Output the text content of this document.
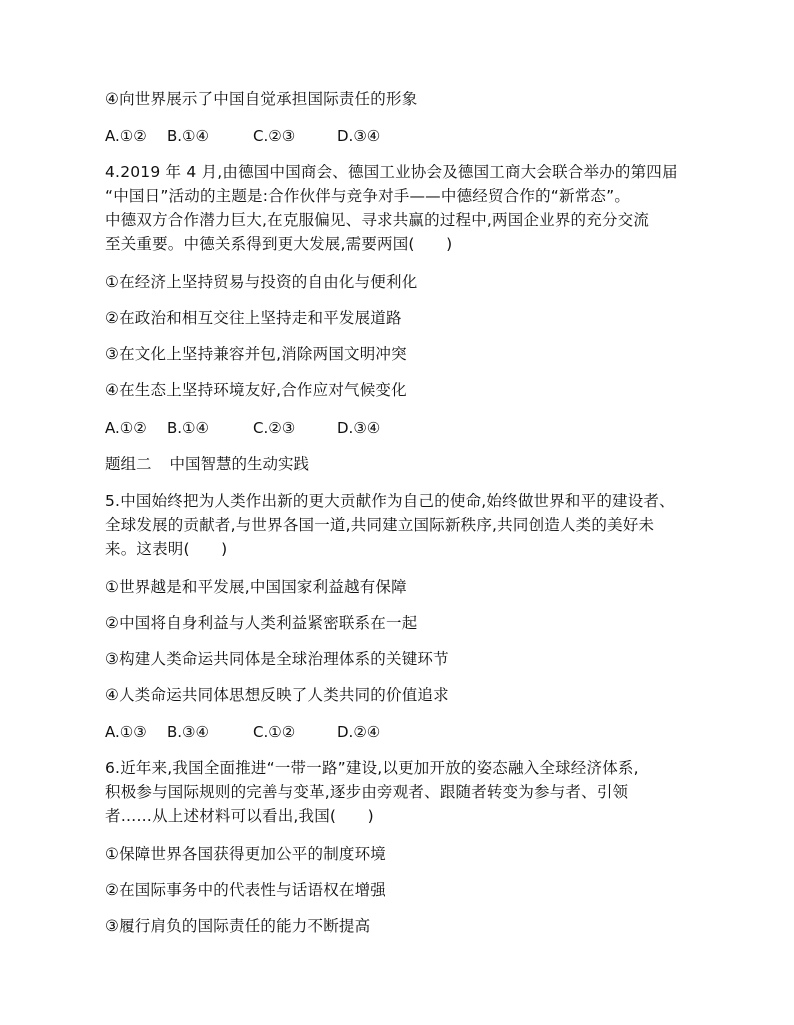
④向世界展示了中国自觉承担国际责任的形象
A.①② B.①④	C.②③	D.③④
4.2019 年 4 月,由德国中国商会、德国工业协会及德国工商大会联合举办的第四届
“中国日”活动的主题是:合作伙伴与竞争对手——中德经贸合作的“新常态”。
中德双方合作潜力巨大,在克服偏见、寻求共赢的过程中,两国企业界的充分交流
至关重要。中德关系得到更大发展,需要两国(　　)
①在经济上坚持贸易与投资的自由化与便利化
②在政治和相互交往上坚持走和平发展道路
③在文化上坚持兼容并包,消除两国文明冲突
④在生态上坚持环境友好,合作应对气候变化
A.①② B.①④	C.②③	D.③④
题组二 中国智慧的生动实践
5.中国始终把为人类作出新的更大贡献作为自己的使命,始终做世界和平的建设者、
全球发展的贡献者,与世界各国一道,共同建立国际新秩序,共同创造人类的美好未
来。这表明(　　)
①世界越是和平发展,中国国家利益越有保障
②中国将自身利益与人类利益紧密联系在一起
③构建人类命运共同体是全球治理体系的关键环节
④人类命运共同体思想反映了人类共同的价值追求
A.①③ B.③④	C.①②	D.②④
6.近年来,我国全面推进“一带一路”建设,以更加开放的姿态融入全球经济体系,
积极参与国际规则的完善与变革,逐步由旁观者、跟随者转变为参与者、引领
者……从上述材料可以看出,我国(　　)
①保障世界各国获得更加公平的制度环境
②在国际事务中的代表性与话语权在增强
③履行肩负的国际责任的能力不断提高
